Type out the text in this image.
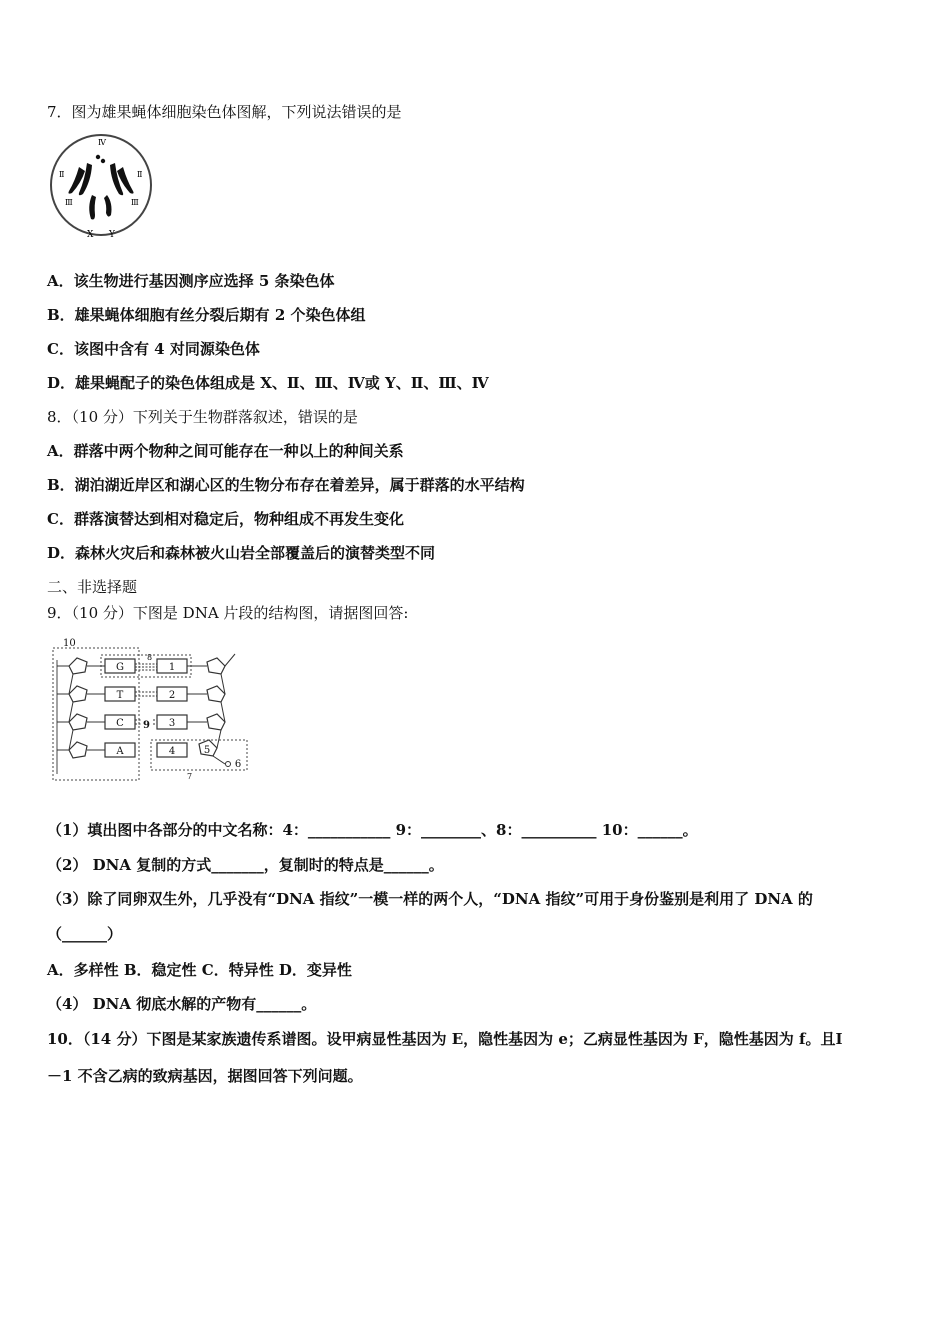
7．图为雄果蝇体细胞染色体图解，下列说法错误的是
Ⅳ
Ⅱ	Ⅱ
Ⅲ	Ⅲ
X Y
A．该生物进行基因测序应选择 5 条染色体
B．雄果蝇体细胞有丝分裂后期有 2 个染色体组
C．该图中含有 4 对同源染色体
D．雄果蝇配子的染色体组成是 X、Ⅱ、Ⅲ、Ⅳ或 Y、Ⅱ、Ⅲ、Ⅳ
8．（10 分）下列关于生物群落叙述，错误的是
A．群落中两个物种之间可能存在一种以上的种间关系
B．湖泊湖近岸区和湖心区的生物分布存在着差异，属于群落的水平结构
C．群落演替达到相对稳定后，物种组成不再发生变化
D．森林火灾后和森林被火山岩全部覆盖后的演替类型不同
二、非选择题
9．（10 分）下图是 DNA 片段的结构图，请据图回答:
10
8
9
7
G
T
C
A
1
2
3
4	5
6
（1）填出图中各部分的中文名称：4：___________ 9：________、8：__________ 10：______。
（2） DNA 复制的方式_______，复制时的特点是______。
（3）除了同卵双生外，几乎没有“DNA 指纹”一模一样的两个人，“DNA 指纹”可用于身份鉴别是利用了 DNA 的
（______）
A．多样性 B．稳定性 C．特异性 D．变异性
（4） DNA 彻底水解的产物有______。
10．（14 分）下图是某家族遗传系谱图。设甲病显性基因为 E，隐性基因为 e；乙病显性基因为 F，隐性基因为 f。且Ⅰ
－1 不含乙病的致病基因，据图回答下列问题。
